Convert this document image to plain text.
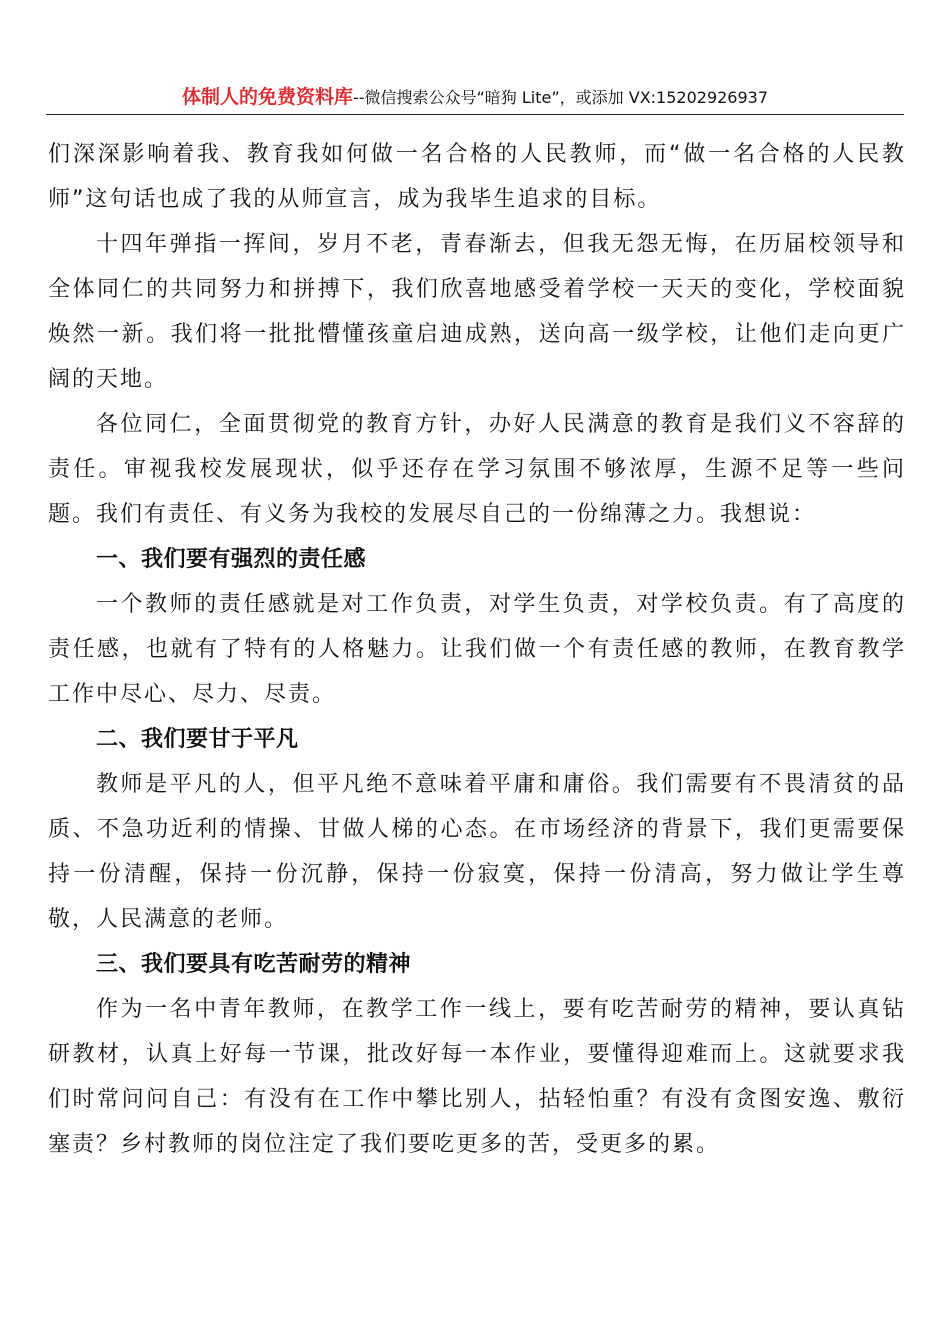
体制人的免费资料库--微信搜索公众号“暗狗 Lite”，或添加 VX:15202926937

们深深影响着我、教育我如何做一名合格的人民教师，而“做一名合格的人民教师”这句话也成了我的从师宣言，成为我毕生追求的目标。

十四年弹指一挥间，岁月不老，青春渐去，但我无怨无悔，在历届校领导和全体同仁的共同努力和拼搏下，我们欣喜地感受着学校一天天的变化，学校面貌焕然一新。我们将一批批懵懂孩童启迪成熟，送向高一级学校，让他们走向更广阔的天地。

各位同仁，全面贯彻党的教育方针，办好人民满意的教育是我们义不容辞的责任。审视我校发展现状，似乎还存在学习氛围不够浓厚，生源不足等一些问题。我们有责任、有义务为我校的发展尽自己的一份绵薄之力。我想说：

一、我们要有强烈的责任感

一个教师的责任感就是对工作负责，对学生负责，对学校负责。有了高度的责任感，也就有了特有的人格魅力。让我们做一个有责任感的教师，在教育教学工作中尽心、尽力、尽责。

二、我们要甘于平凡

教师是平凡的人，但平凡绝不意味着平庸和庸俗。我们需要有不畏清贫的品质、不急功近利的情操、甘做人梯的心态。在市场经济的背景下，我们更需要保持一份清醒，保持一份沉静，保持一份寂寞，保持一份清高，努力做让学生尊敬，人民满意的老师。

三、我们要具有吃苦耐劳的精神

作为一名中青年教师，在教学工作一线上，要有吃苦耐劳的精神，要认真钻研教材，认真上好每一节课，批改好每一本作业，要懂得迎难而上。这就要求我们时常问问自己：有没有在工作中攀比别人，拈轻怕重？有没有贪图安逸、敷衍塞责？乡村教师的岗位注定了我们要吃更多的苦，受更多的累。
